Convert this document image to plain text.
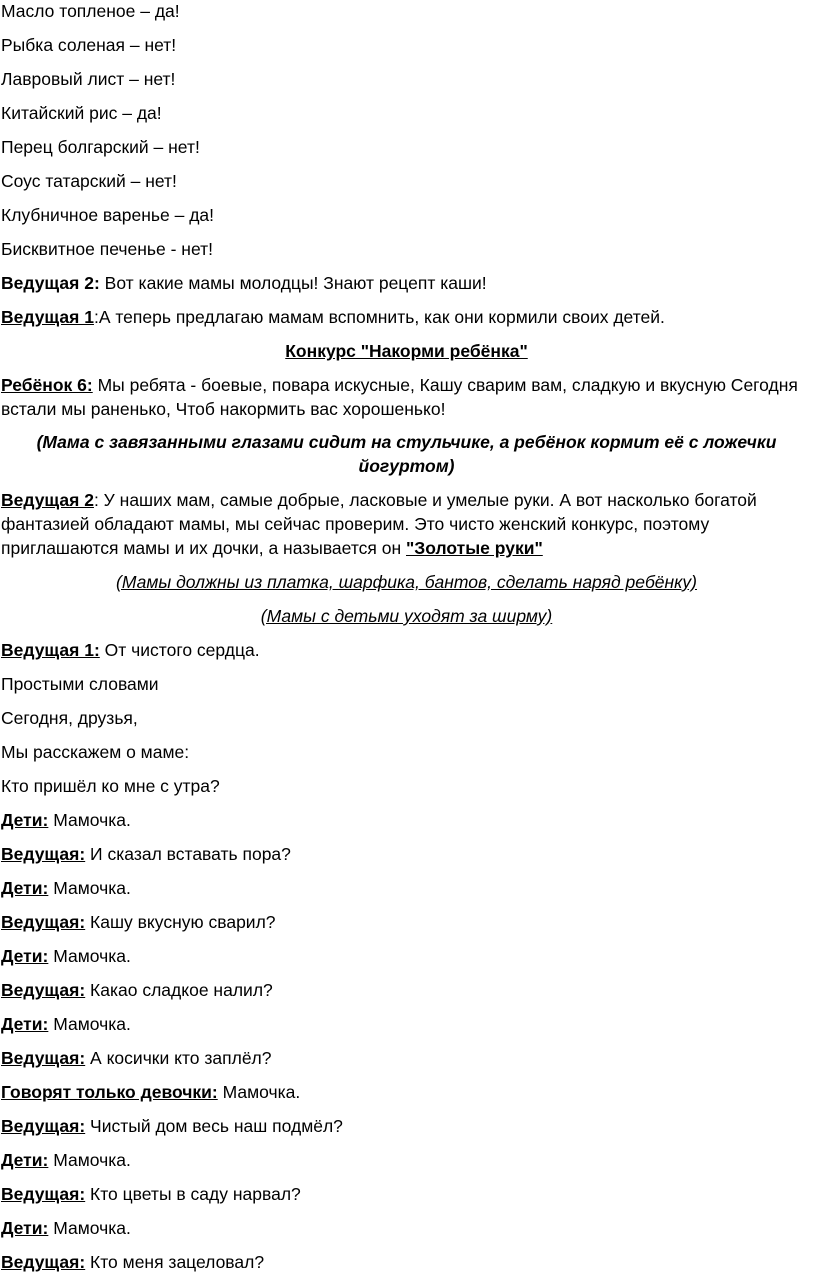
Масло топленое – да!
Рыбка соленая – нет!
Лавровый лист – нет!
Китайский рис – да!
Перец болгарский – нет!
Соус татарский – нет!
Клубничное варенье – да!
Бисквитное печенье - нет!
Ведущая 2: Вот какие мамы молодцы! Знают рецепт каши!
Ведущая 1:А теперь предлагаю мамам вспомнить, как они кормили своих детей.
Конкурс "Накорми ребёнка"
Ребёнок 6: Мы ребята - боевые, повара искусные, Кашу сварим вам, сладкую и вкусную Сегодня встали мы раненько, Чтоб накормить вас хорошенько!
(Мама с завязанными глазами сидит на стульчике, а ребёнок кормит её с ложечки йогуртом)
Ведущая 2: У наших мам, самые добрые, ласковые и умелые руки. А вот насколько богатой фантазией обладают мамы, мы сейчас проверим. Это чисто женский конкурс, поэтому приглашаются мамы и их дочки, а называется он "Золотые руки"
(Мамы должны из платка, шарфика, бантов, сделать наряд ребёнку)
(Мамы с детьми уходят за ширму)
Ведущая 1: От чистого сердца.
Простыми словами
Сегодня, друзья,
Мы расскажем о маме:
Кто пришёл ко мне с утра?
Дети: Мамочка.
Ведущая: И сказал вставать пора?
Дети: Мамочка.
Ведущая: Кашу вкусную сварил?
Дети: Мамочка.
Ведущая: Какао сладкое налил?
Дети: Мамочка.
Ведущая: А косички кто заплёл?
Говорят только девочки: Мамочка.
Ведущая: Чистый дом весь наш подмёл?
Дети: Мамочка.
Ведущая: Кто цветы в саду нарвал?
Дети: Мамочка.
Ведущая: Кто меня зацеловал?
